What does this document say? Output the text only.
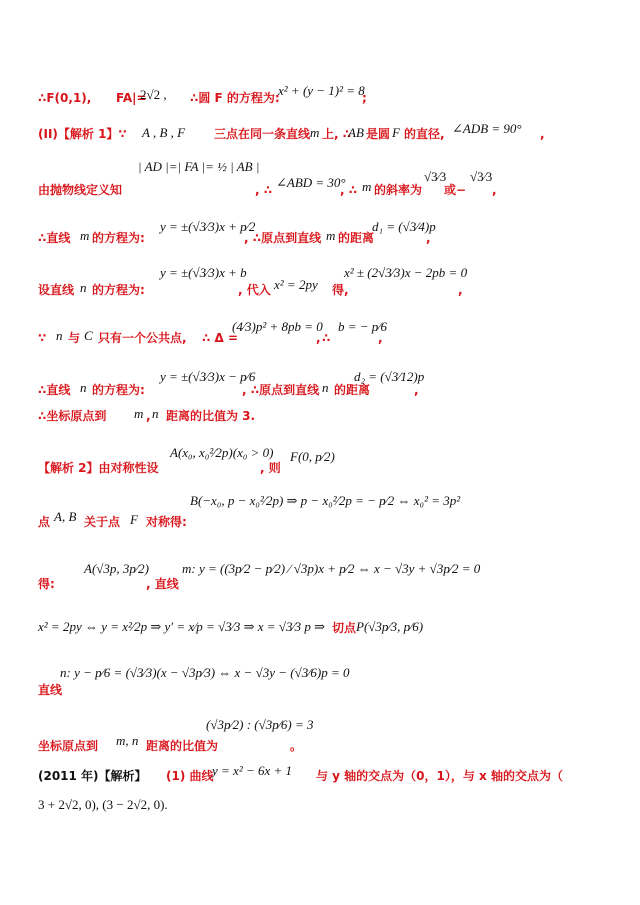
∴F(0,1), FA|=
2√2 , ∴圆 F 的方程为:
x² + (y − 1)² = 8
;
(II)【解析 1】∵ A , B , F 三点在同一条直线 m 上, ∴
AB 是圆 F 的直径, ∠ADB = 90° ,
| AD |=| FA |= ½ | AB |
由抛物线定义知	, ∴ ∠ABD = 30°
, ∴ m 的斜率为
√3⁄3
或−
√3⁄3
,
∴直线 m 的方程为:
y = ±(√3⁄3)x + p⁄2
, ∴原点到直线 m 的距离
d₁ = (√3⁄4)p
,
y = ±(√3⁄3)x + b	x² ± (2√3⁄3)x − 2pb = 0
设直线 n 的方程为:	, 代入 x² = 2py 得,	,
∵ n 与 C 只有一个公共点, ∴ Δ =
(4⁄3)p² + 8pb = 0
, ∴
b = − p⁄6
,
y = ±(√3⁄3)x − p⁄6	d₂ = (√3⁄12)p
∴直线 n 的方程为:	, ∴原点到直线 n 的距离	,
∴坐标原点到 m , n 距离的比值为 3.
A(x₀, x₀²⁄2p)(x₀ > 0)
【解析 2】由对称性设	, 则
F(0, p⁄2)
B(−x₀, p − x₀²⁄2p) ⇒ p − x₀²⁄2p = − p⁄2 ⇔ x₀² = 3p²
点 A, B 关于点 F 对称得:
A(√3p, 3p⁄2)	m: y = ((3p⁄2 − p⁄2) ⁄ √3p)x + p⁄2 ⇔ x − √3y + √3p⁄2 = 0
得:	, 直线
x² = 2py ⇔ y = x²⁄2p ⇒ y′ = x⁄p = √3⁄3 ⇒ x = √3⁄3 p ⇒ 切点 P(√3p⁄3, p⁄6)
n: y − p⁄6 = (√3⁄3)(x − √3p⁄3) ⇔ x − √3y − (√3⁄6)p = 0
直线
(√3p⁄2) : (√3p⁄6) = 3
坐标原点到 m, n 距离的比值为	。
(2011 年)【解析】 (1) 曲线
y = x² − 6x + 1 与 y 轴的交点为（0，1），与 x 轴的交点为（
3 + 2√2, 0), (3 − 2√2, 0).
